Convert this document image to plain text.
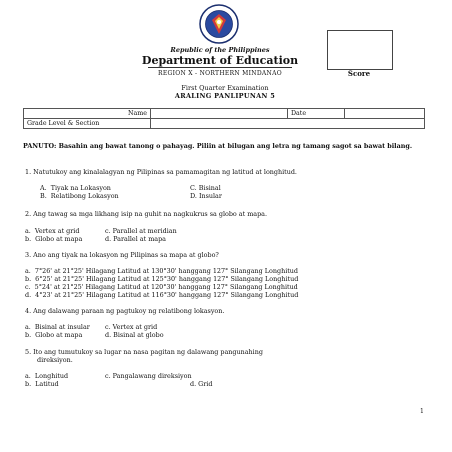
Republic of the Philippines
Department of Education
REGION X - NORTHERN MINDANAO	Score
First Quarter Examination
ARALING PANLIPUNAN 5
Name		Date	
Grade Level & Section			
PANUTO: Basahin ang bawat tanong o pahayag. Piliin at bilugan ang letra ng tamang sagot sa bawat bilang.
1. Natutukoy ang kinalalagyan ng Pilipinas sa pamamagitan ng latitud at longhitud.
A.  Tiyak na Lokasyon	C. Bisinal
B.  Relatibong Lokasyon	D. Insular
2. Ang tawag sa mga likhang isip na guhit na nagkukrus sa globo at mapa.
a.  Vertex at grid	c. Parallel at meridian
b.  Globo at mapa	d. Parallel at mapa
3. Ano ang tiyak na lokasyon ng Pilipinas sa mapa at globo?
a.  7°26' at 21°25' Hilagang Latitud at 130°30' hanggang 127° Silangang Longhitud
b.  6°25' at 21°25' Hilagang Latitud at 125°30' hanggang 127° Silangang Longhitud
c.  5°24' at 21°25' Hilagang Latitud at 120°30' hanggang 127° Silangang Longhitud
d.  4°23' at 21°25' Hilagang Latitud at 116°30' hanggang 127° Silangang Longhitud
4. Ang dalawang paraan ng pagtukoy ng relatibong lokasyon.
a.  Bisinal at insular c. Vertex at grid
b.  Globo at mapa	d. Bisinal at globo
5. Ito ang tumutukoy sa lugar na nasa pagitan ng dalawang pangunahing
direksiyon.
a.  Longhitud	c. Pangalawang direksiyon
b.  Latitud	d. Grid
1
